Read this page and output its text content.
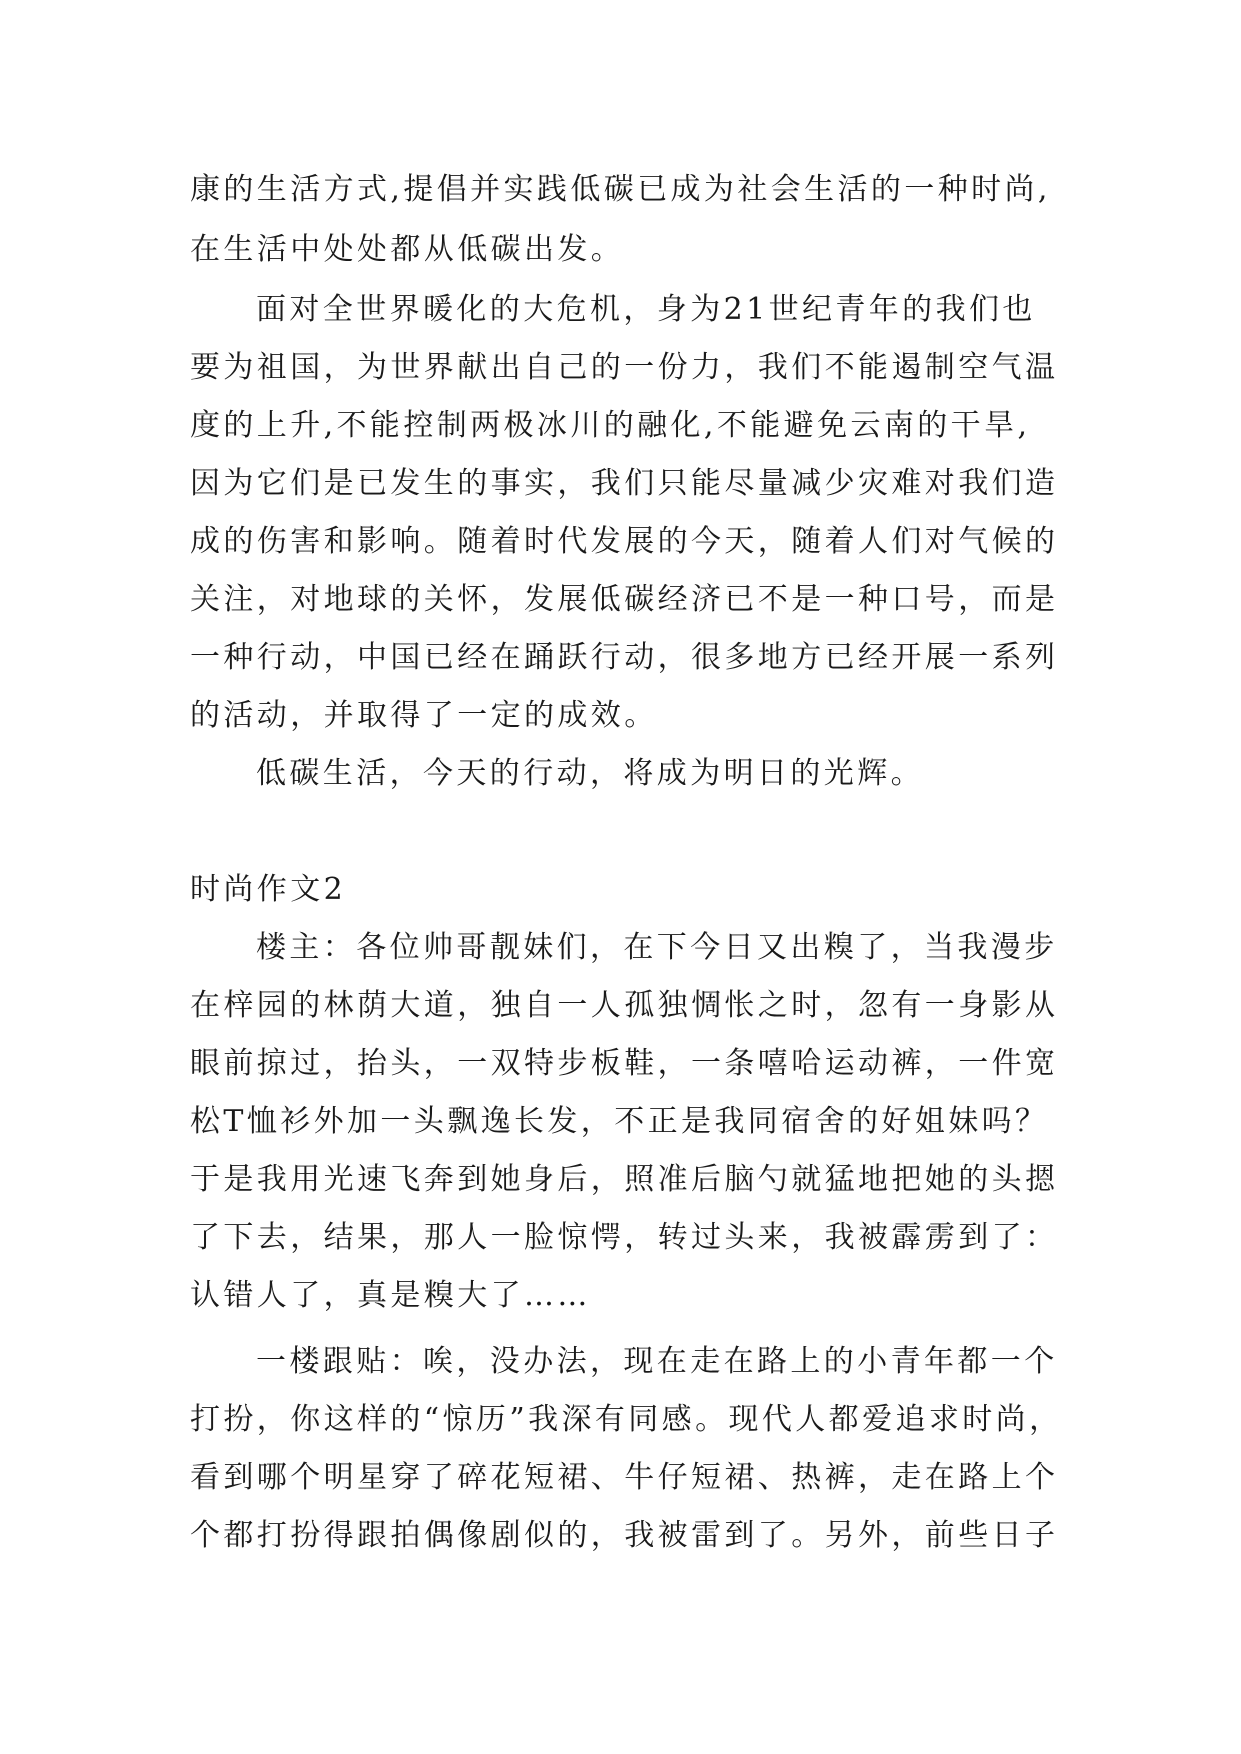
康的生活方式,提倡并实践低碳已成为社会生活的一种时尚,

在生活中处处都从低碳出发。

面对全世界暖化的大危机，身为21世纪青年的我们也

要为祖国，为世界献出自己的一份力，我们不能遏制空气温

度的上升,不能控制两极冰川的融化,不能避免云南的干旱,

因为它们是已发生的事实，我们只能尽量减少灾难对我们造

成的伤害和影响。随着时代发展的今天，随着人们对气候的

关注，对地球的关怀，发展低碳经济已不是一种口号，而是

一种行动，中国已经在踊跃行动，很多地方已经开展一系列

的活动，并取得了一定的成效。

低碳生活，今天的行动，将成为明日的光辉。

时尚作文2

楼主：各位帅哥靓妹们，在下今日又出糗了，当我漫步

在梓园的林荫大道，独自一人孤独惆怅之时，忽有一身影从

眼前掠过，抬头，一双特步板鞋，一条嘻哈运动裤，一件宽

松T恤衫外加一头飘逸长发，不正是我同宿舍的好姐妹吗？

于是我用光速飞奔到她身后，照准后脑勺就猛地把她的头摁

了下去，结果，那人一脸惊愕，转过头来，我被霹雳到了：

认错人了，真是糗大了……

一楼跟贴：唉，没办法，现在走在路上的小青年都一个

打扮，你这样的“惊历”我深有同感。现代人都爱追求时尚，

看到哪个明星穿了碎花短裙、牛仔短裙、热裤，走在路上个

个都打扮得跟拍偶像剧似的，我被雷到了。另外，前些日子
